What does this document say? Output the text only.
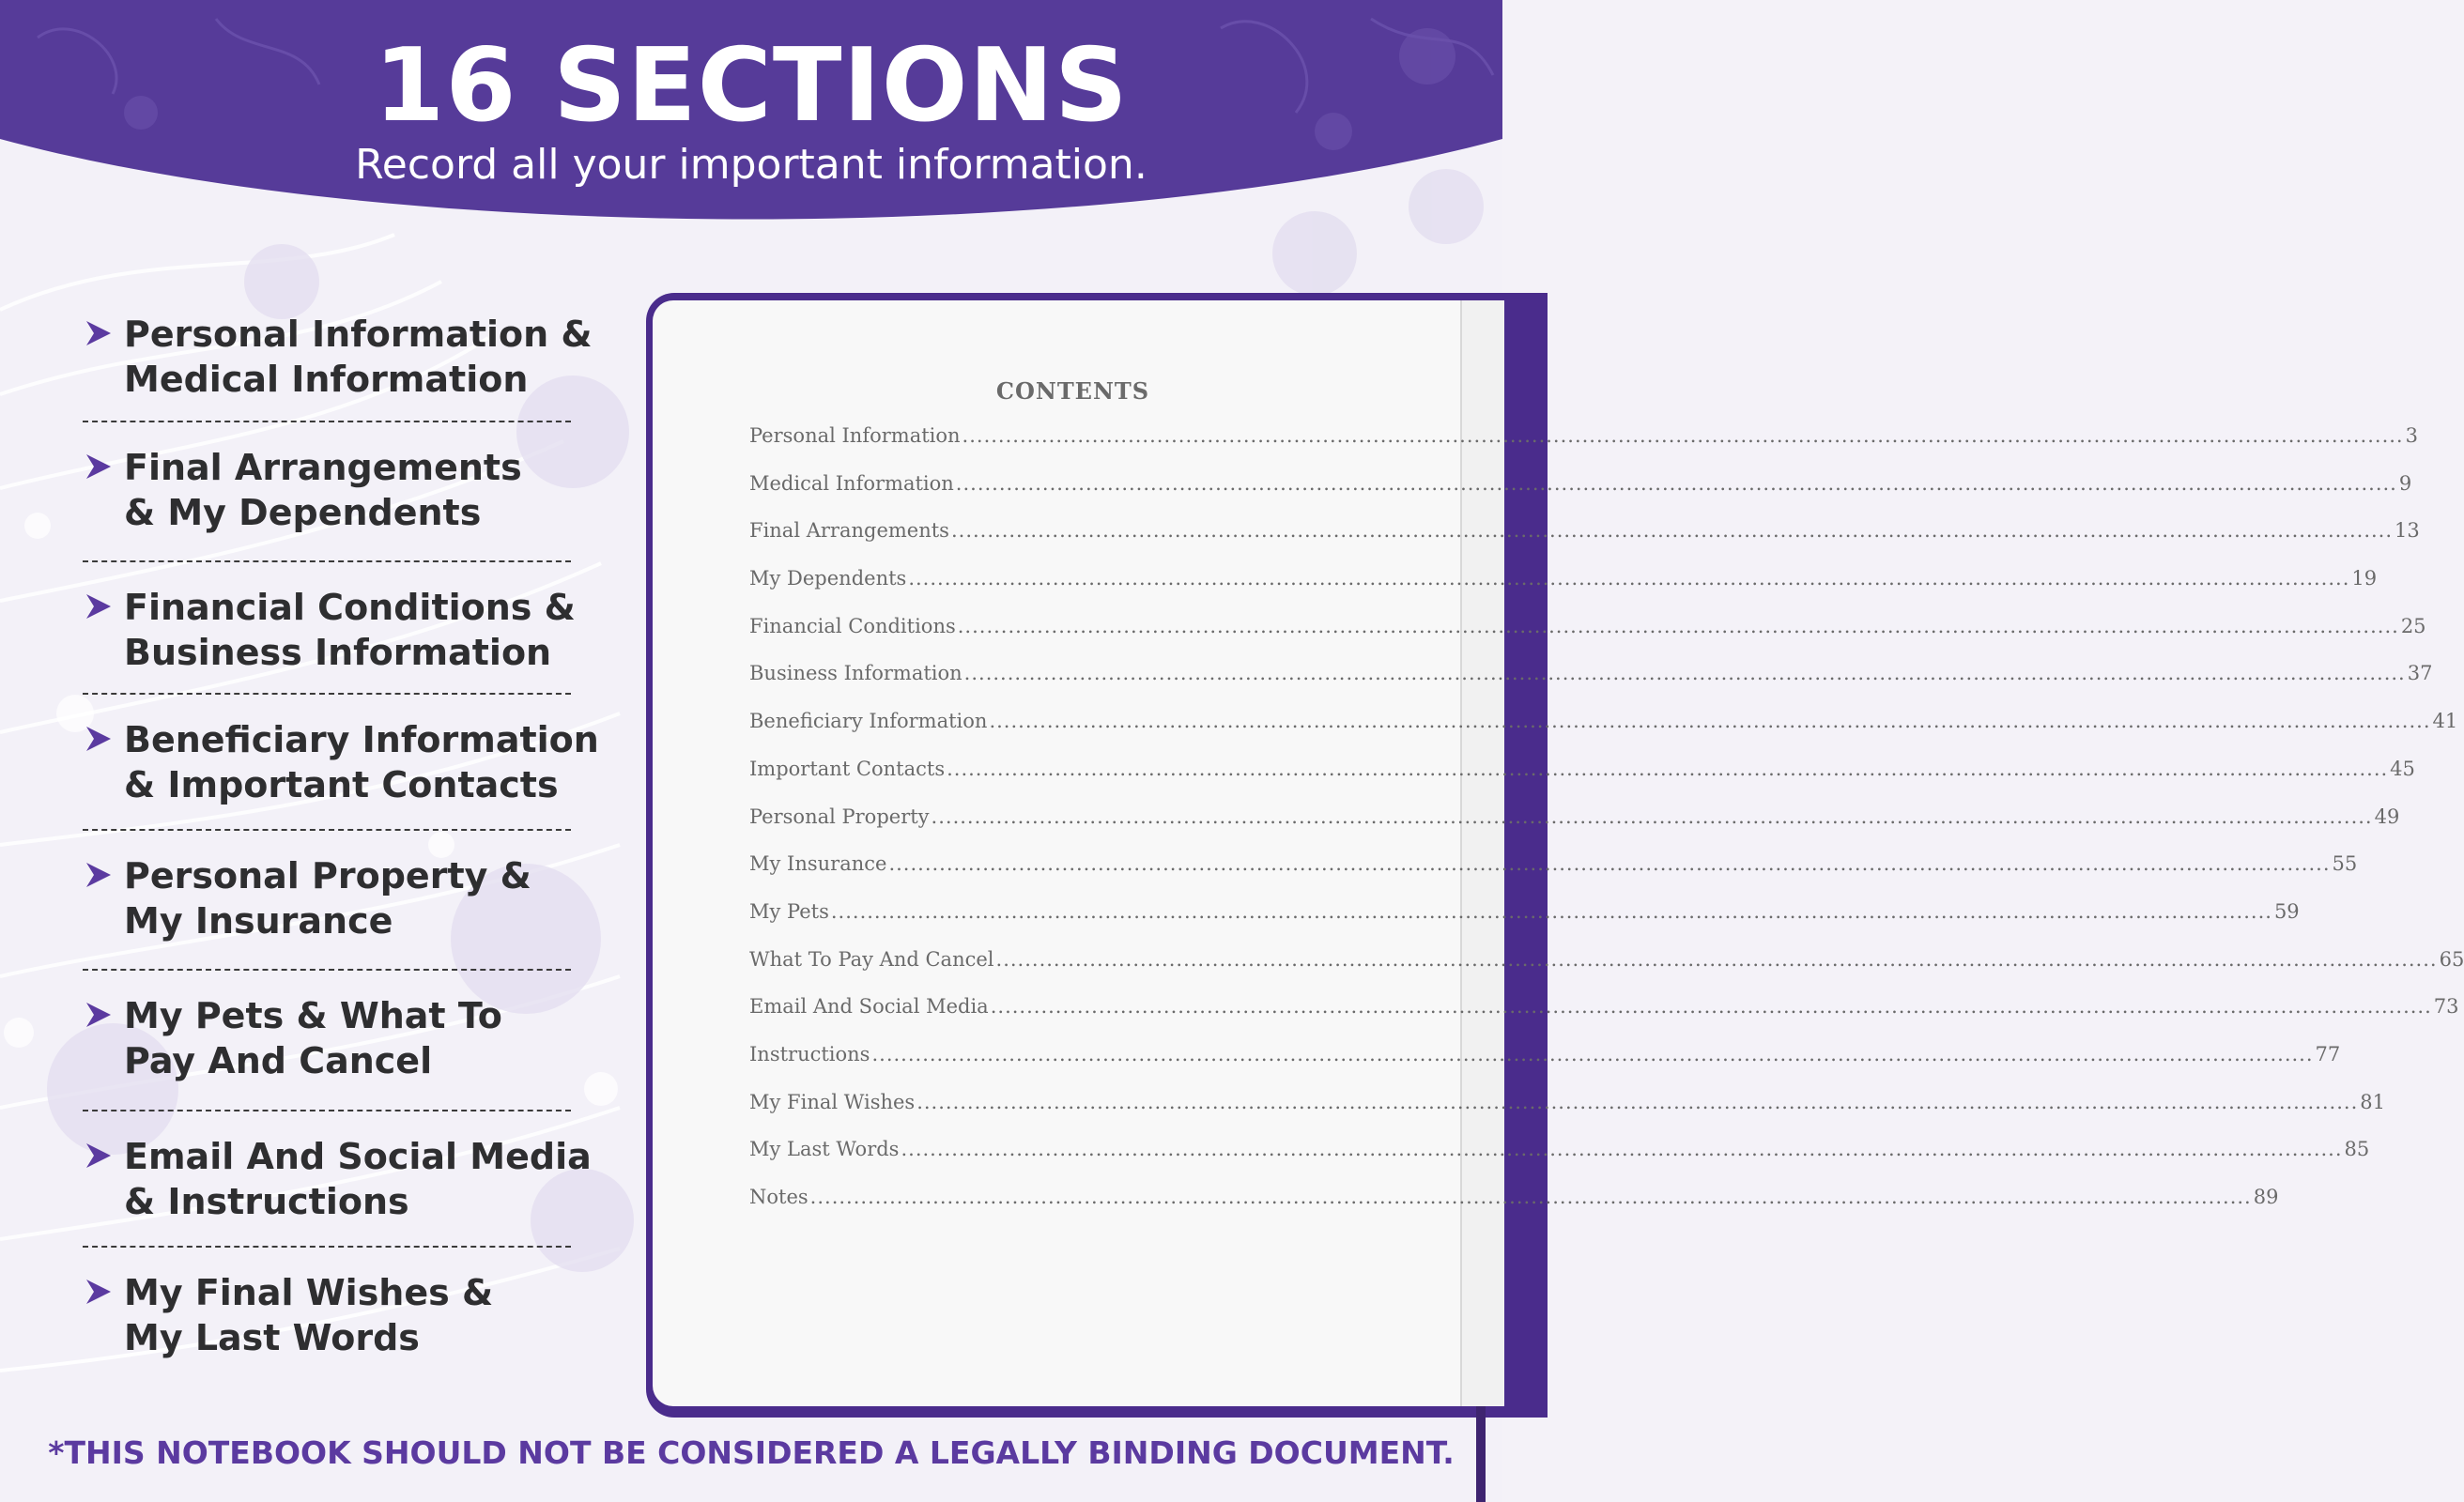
16 SECTIONS
Record all your important information.
Personal Information &
Medical Information
Final Arrangements
& My Dependents
Financial Conditions &
Business Information
Beneficiary Information
& Important Contacts
Personal Property &
My Insurance
My Pets & What To
Pay And Cancel
Email And Social Media
& Instructions
My Final Wishes &
My Last Words
CONTENTS
Personal Information ........................................................................................................................................................................................................ 3
Medical Information ........................................................................................................................................................................................................ 9
Final Arrangements ........................................................................................................................................................................................................ 13
My Dependents ........................................................................................................................................................................................................ 19
Financial Conditions ........................................................................................................................................................................................................ 25
Business Information ........................................................................................................................................................................................................ 37
Beneficiary Information ........................................................................................................................................................................................................ 41
Important Contacts ........................................................................................................................................................................................................ 45
Personal Property ........................................................................................................................................................................................................ 49
My Insurance ........................................................................................................................................................................................................ 55
My Pets ........................................................................................................................................................................................................ 59
What To Pay And Cancel ........................................................................................................................................................................................................ 65
Email And Social Media ........................................................................................................................................................................................................ 73
Instructions ........................................................................................................................................................................................................ 77
My Final Wishes ........................................................................................................................................................................................................ 81
My Last Words ........................................................................................................................................................................................................ 85
Notes ........................................................................................................................................................................................................ 89
*THIS NOTEBOOK SHOULD NOT BE CONSIDERED A LEGALLY BINDING DOCUMENT.
